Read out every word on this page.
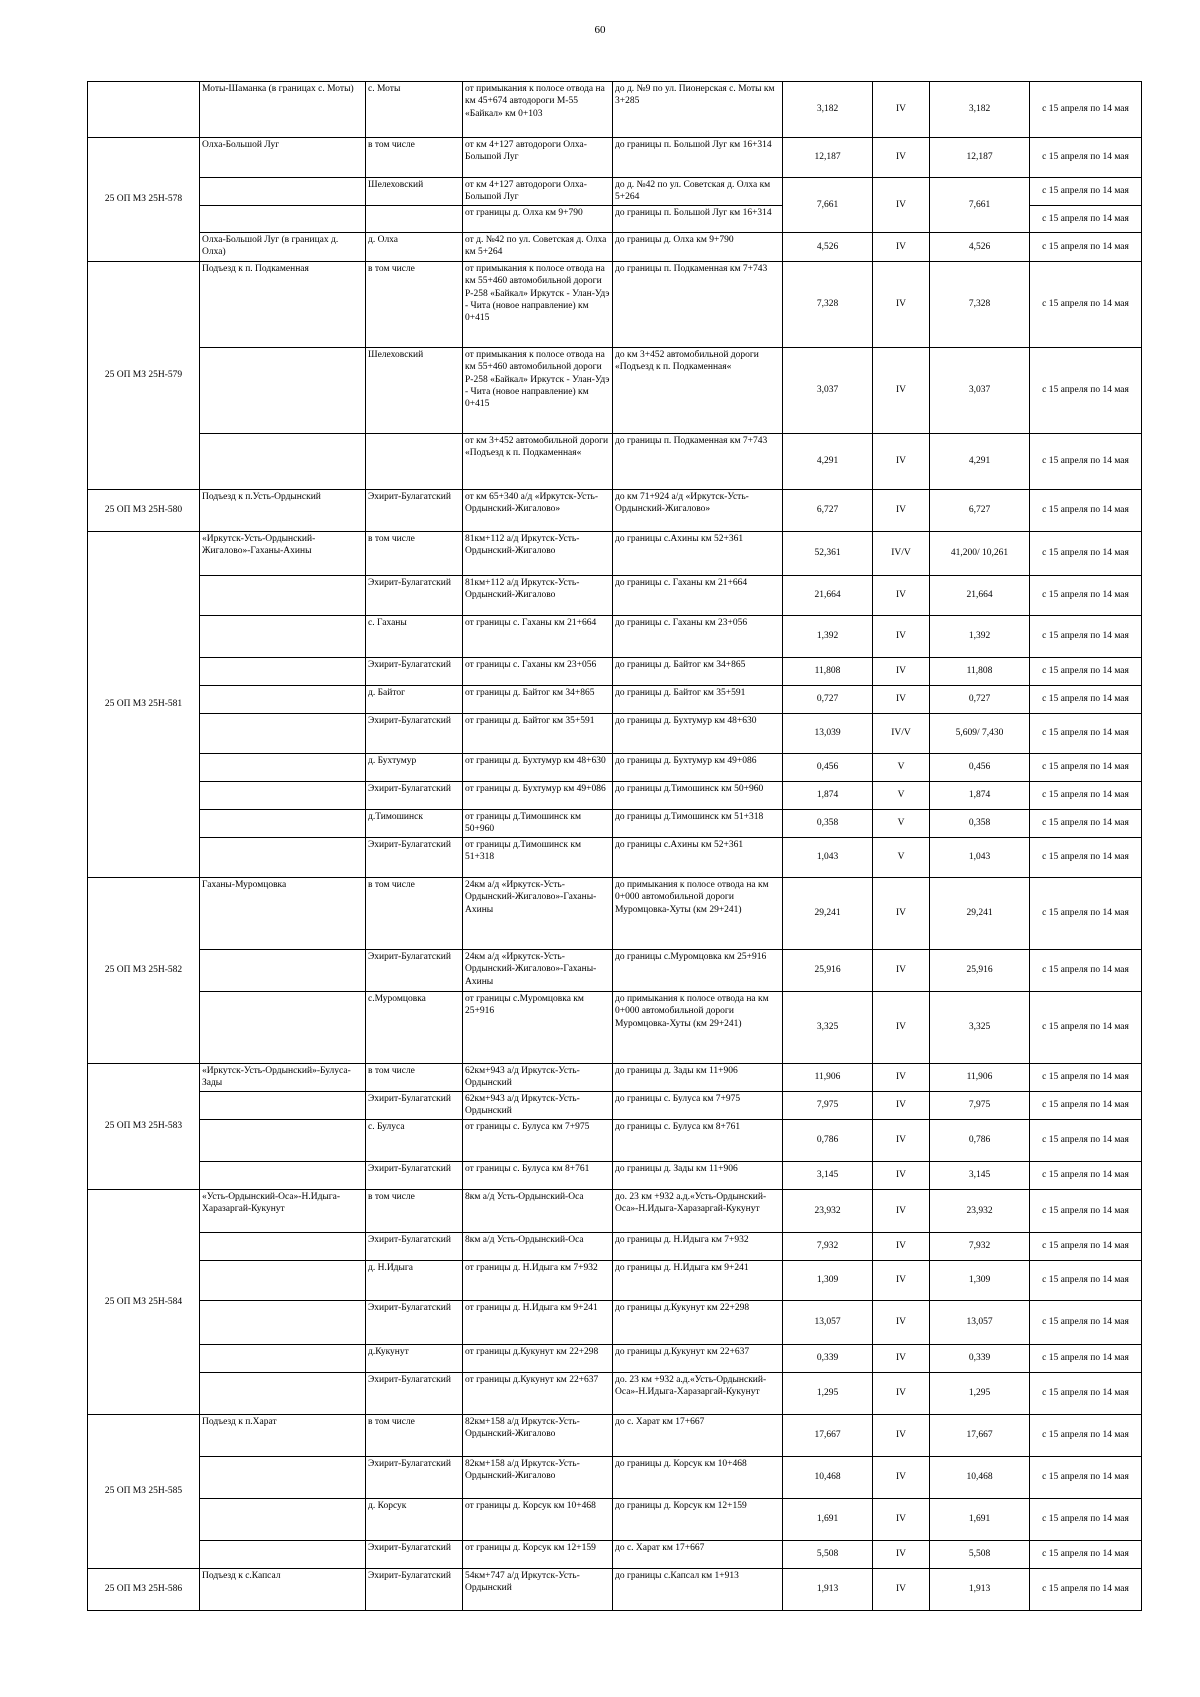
60
	Моты-Шаманка (в границах с. Моты)	с. Моты	от примыкания к полосе отвода на км 45+674 автодороги М-55 «Байкал» км 0+103	до д. №9 по ул. Пионерская с. Моты км 3+285	3,182	IV	3,182	с 15 апреля по 14 мая
25 ОП МЗ 25Н-578	Олха-Большой Луг	в том числе	от км 4+127 автодороги Олха-Большой Луг	до границы п. Большой Луг км 16+314	12,187	IV	12,187	с 15 апреля по 14 мая
		Шелеховский	от км 4+127 автодороги Олха-Большой Луг	до д. №42 по ул. Советская д. Олха км 5+264	7,661	IV	7,661	с 15 апреля по 14 мая
			от границы д. Олха км 9+790	до границы п. Большой Луг км 16+314				с 15 апреля по 14 мая
	Олха-Большой Луг (в границах д. Олха)	д. Олха	от д. №42 по ул. Советская д. Олха км 5+264	до границы д. Олха км 9+790	4,526	IV	4,526	с 15 апреля по 14 мая
25 ОП МЗ 25Н-579	Подъезд к п. Подкаменная	в том числе	от примыкания к полосе отвода на км 55+460 автомобильной дороги Р-258 «Байкал» Иркутск - Улан-Удэ - Чита (новое направление) км 0+415	до границы п. Подкаменная км 7+743	7,328	IV	7,328	с 15 апреля по 14 мая
		Шелеховский	от примыкания к полосе отвода на км 55+460 автомобильной дороги Р-258 «Байкал» Иркутск - Улан-Удэ - Чита (новое направление) км 0+415	до км 3+452 автомобильной дороги «Подъезд к п. Подкаменная«	3,037	IV	3,037	с 15 апреля по 14 мая
			от км 3+452 автомобильной дороги «Подъезд к п. Подкаменная«	до границы п. Подкаменная км 7+743	4,291	IV	4,291	с 15 апреля по 14 мая
25 ОП МЗ 25Н-580	Подъезд к п.Усть-Ордынский	Эхирит-Булагатский	от км 65+340 а/д «Иркутск-Усть-Ордынский-Жигалово»	до км 71+924 а/д «Иркутск-Усть-Ордынский-Жигалово»	6,727	IV	6,727	с 15 апреля по 14 мая
25 ОП МЗ 25Н-581	«Иркутск-Усть-Ордынский-Жигалово»-Гаханы-Ахины	в том числе	81км+112 а/д Иркутск-Усть-Ордынский-Жигалово	до границы с.Ахины км 52+361	52,361	IV/V	41,200/ 10,261	с 15 апреля по 14 мая
		Эхирит-Булагатский	81км+112 а/д Иркутск-Усть-Ордынский-Жигалово	до границы с. Гаханы км 21+664	21,664	IV	21,664	с 15 апреля по 14 мая
		с. Гаханы	от границы с. Гаханы км 21+664	до границы с. Гаханы км 23+056	1,392	IV	1,392	с 15 апреля по 14 мая
		Эхирит-Булагатский	от границы с. Гаханы км 23+056	до границы д. Байтог км 34+865	11,808	IV	11,808	с 15 апреля по 14 мая
		д. Байтог	от границы д. Байтог км 34+865	до границы д. Байтог км 35+591	0,727	IV	0,727	с 15 апреля по 14 мая
		Эхирит-Булагатский	от границы д. Байтог км 35+591	до границы д. Бухтумур км 48+630	13,039	IV/V	5,609/ 7,430	с 15 апреля по 14 мая
		д. Бухтумур	от границы д. Бухтумур км 48+630	до границы д. Бухтумур км 49+086	0,456	V	0,456	с 15 апреля по 14 мая
		Эхирит-Булагатский	от границы д. Бухтумур км 49+086	до границы д.Тимошинск км 50+960	1,874	V	1,874	с 15 апреля по 14 мая
		д.Тимошинск	от границы д.Тимошинск км 50+960	до границы д.Тимошинск км 51+318	0,358	V	0,358	с 15 апреля по 14 мая
		Эхирит-Булагатский	от границы д.Тимошинск км 51+318	до границы с.Ахины км 52+361	1,043	V	1,043	с 15 апреля по 14 мая
25 ОП МЗ 25Н-582	Гаханы-Муромцовка	в том числе	24км а/д «Иркутск-Усть-Ордынский-Жигалово»-Гаханы-Ахины	до примыкания к полосе отвода на км 0+000 автомобильной дороги Муромцовка-Хуты (км 29+241)	29,241	IV	29,241	с 15 апреля по 14 мая
		Эхирит-Булагатский	24км а/д «Иркутск-Усть-Ордынский-Жигалово»-Гаханы-Ахины	до границы с.Муромцовка км 25+916	25,916	IV	25,916	с 15 апреля по 14 мая
		с.Муромцовка	от границы с.Муромцовка км 25+916	до примыкания к полосе отвода на км 0+000 автомобильной дороги Муромцовка-Хуты (км 29+241)	3,325	IV	3,325	с 15 апреля по 14 мая
25 ОП МЗ 25Н-583	«Иркутск-Усть-Ордынский»-Булуса-Зады	в том числе	62км+943 а/д Иркутск-Усть-Ордынский	до границы д. Зады км 11+906	11,906	IV	11,906	с 15 апреля по 14 мая
		Эхирит-Булагатский	62км+943 а/д Иркутск-Усть-Ордынский	до границы с. Булуса км 7+975	7,975	IV	7,975	с 15 апреля по 14 мая
		с. Булуса	от границы с. Булуса км 7+975	до границы с. Булуса км 8+761	0,786	IV	0,786	с 15 апреля по 14 мая
		Эхирит-Булагатский	от границы с. Булуса км 8+761	до границы д. Зады км 11+906	3,145	IV	3,145	с 15 апреля по 14 мая
25 ОП МЗ 25Н-584	«Усть-Ордынский-Оса»-Н.Идыга-Харазаргай-Кукунут	в том числе	8км а/д Усть-Ордынский-Оса	до. 23 км +932 а.д.«Усть-Ордынский-Оса»-Н.Идыга-Харазаргай-Кукунут	23,932	IV	23,932	с 15 апреля по 14 мая
		Эхирит-Булагатский	8км а/д Усть-Ордынский-Оса	до границы д. Н.Идыга км 7+932	7,932	IV	7,932	с 15 апреля по 14 мая
		д. Н.Идыга	от границы д. Н.Идыга км 7+932	до границы д. Н.Идыга км 9+241	1,309	IV	1,309	с 15 апреля по 14 мая
		Эхирит-Булагатский	от границы д. Н.Идыга км 9+241	до границы д.Кукунут км 22+298	13,057	IV	13,057	с 15 апреля по 14 мая
		д.Кукунут	от границы д.Кукунут км 22+298	до границы д.Кукунут км 22+637	0,339	IV	0,339	с 15 апреля по 14 мая
		Эхирит-Булагатский	от границы д.Кукунут км 22+637	до. 23 км +932 а.д.«Усть-Ордынский-Оса»-Н.Идыга-Харазаргай-Кукунут	1,295	IV	1,295	с 15 апреля по 14 мая
25 ОП МЗ 25Н-585	Подъезд к п.Харат	в том числе	82км+158 а/д Иркутск-Усть-Ордынский-Жигалово	до с. Харат км 17+667	17,667	IV	17,667	с 15 апреля по 14 мая
		Эхирит-Булагатский	82км+158 а/д Иркутск-Усть-Ордынский-Жигалово	до границы д. Корсук км 10+468	10,468	IV	10,468	с 15 апреля по 14 мая
		д. Корсук	от границы д. Корсук км 10+468	до границы д. Корсук км 12+159	1,691	IV	1,691	с 15 апреля по 14 мая
		Эхирит-Булагатский	от границы д. Корсук км 12+159	до с. Харат км 17+667	5,508	IV	5,508	с 15 апреля по 14 мая
25 ОП МЗ 25Н-586	Подъезд к с.Капсал	Эхирит-Булагатский	54км+747 а/д Иркутск-Усть-Ордынский	до границы с.Капсал км 1+913	1,913	IV	1,913	с 15 апреля по 14 мая
